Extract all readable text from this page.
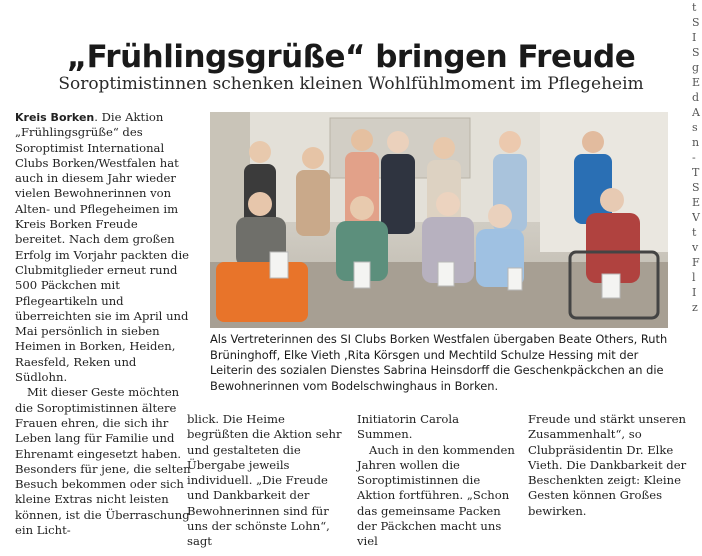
„Frühlingsgrüße“ bringen Freude
Soroptimistinnen schenken kleinen Wohlfühlmoment im Pflegeheim

Kreis Borken. Die Aktion „Frühlingsgrüße“ des Soroptimist International Clubs Borken/Westfalen hat auch in diesem Jahr wieder vielen Bewohnerinnen von Alten- und Pflegeheimen im Kreis Borken Freude bereitet. Nach dem großen Erfolg im Vorjahr packten die Clubmitglieder erneut rund 500 Päckchen mit Pflegeartikeln und überreichten sie im April und Mai persönlich in sieben Heimen in Borken, Heiden, Raesfeld, Reken und Südlohn.

Mit dieser Geste möchten die Soroptimistinnen ältere Frauen ehren, die sich ihr Leben lang für Familie und Ehrenamt eingesetzt haben. Besonders für jene, die selten Besuch bekommen oder sich kleine Extras nicht leisten können, ist die Überraschung ein Licht-

Als Vertreterinnen des SI Clubs Borken Westfalen übergaben Beate Others, Ruth Brüninghoff, Elke Vieth ,Rita Körsgen und Mechtild Schulze Hessing mit der Leiterin des sozialen Dienstes Sabrina Heinsdorff die Geschenkpäckchen an die Bewohnerinnen vom Bodelschwinghaus in Borken.

blick. Die Heime begrüßten die Aktion sehr und gestalteten die Übergabe jeweils individuell. „Die Freude und Dankbarkeit der Bewohnerinnen sind für uns der schönste Lohn“, sagt

Initiatorin Carola Summen.

Auch in den kommenden Jahren wollen die Soroptimistinnen die Aktion fortführen. „Schon das gemeinsame Packen der Päckchen macht uns viel

Freude und stärkt unseren Zusammenhalt“, so Clubpräsidentin Dr. Elke Vieth. Die Dankbarkeit der Beschenkten zeigt: Kleine Gesten können Großes bewirken.

t
S
I
S
g
E
d
A
s
n
-
T
S
E
V
t
v
F
l
I
z
